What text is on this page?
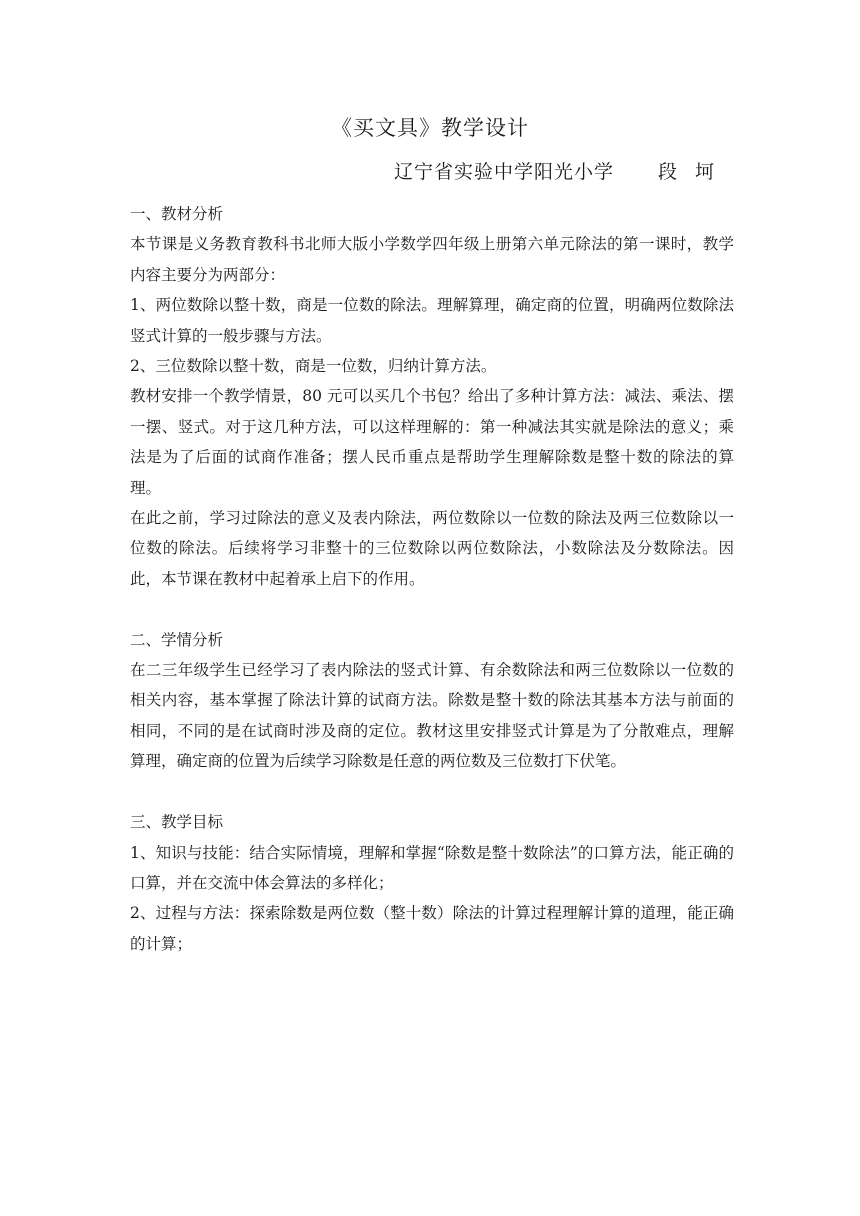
《买文具》教学设计
辽宁省实验中学阳光小学 段 坷

一、教材分析

本节课是义务教育教科书北师大版小学数学四年级上册第六单元除法的第一课时，教学内容主要分为两部分：

1、两位数除以整十数，商是一位数的除法。理解算理，确定商的位置，明确两位数除法竖式计算的一般步骤与方法。

2、三位数除以整十数，商是一位数，归纳计算方法。

教材安排一个教学情景，80 元可以买几个书包？给出了多种计算方法：减法、乘法、摆一摆、竖式。对于这几种方法，可以这样理解的：第一种减法其实就是除法的意义；乘法是为了后面的试商作准备；摆人民币重点是帮助学生理解除数是整十数的除法的算理。

在此之前，学习过除法的意义及表内除法，两位数除以一位数的除法及两三位数除以一位数的除法。后续将学习非整十的三位数除以两位数除法，小数除法及分数除法。因此，本节课在教材中起着承上启下的作用。

二、学情分析

在二三年级学生已经学习了表内除法的竖式计算、有余数除法和两三位数除以一位数的相关内容，基本掌握了除法计算的试商方法。除数是整十数的除法其基本方法与前面的相同，不同的是在试商时涉及商的定位。教材这里安排竖式计算是为了分散难点，理解算理，确定商的位置为后续学习除数是任意的两位数及三位数打下伏笔。

三、教学目标

1、知识与技能：结合实际情境，理解和掌握“除数是整十数除法”的口算方法，能正确的口算，并在交流中体会算法的多样化；

2、过程与方法：探索除数是两位数（整十数）除法的计算过程理解计算的道理，能正确的计算；
